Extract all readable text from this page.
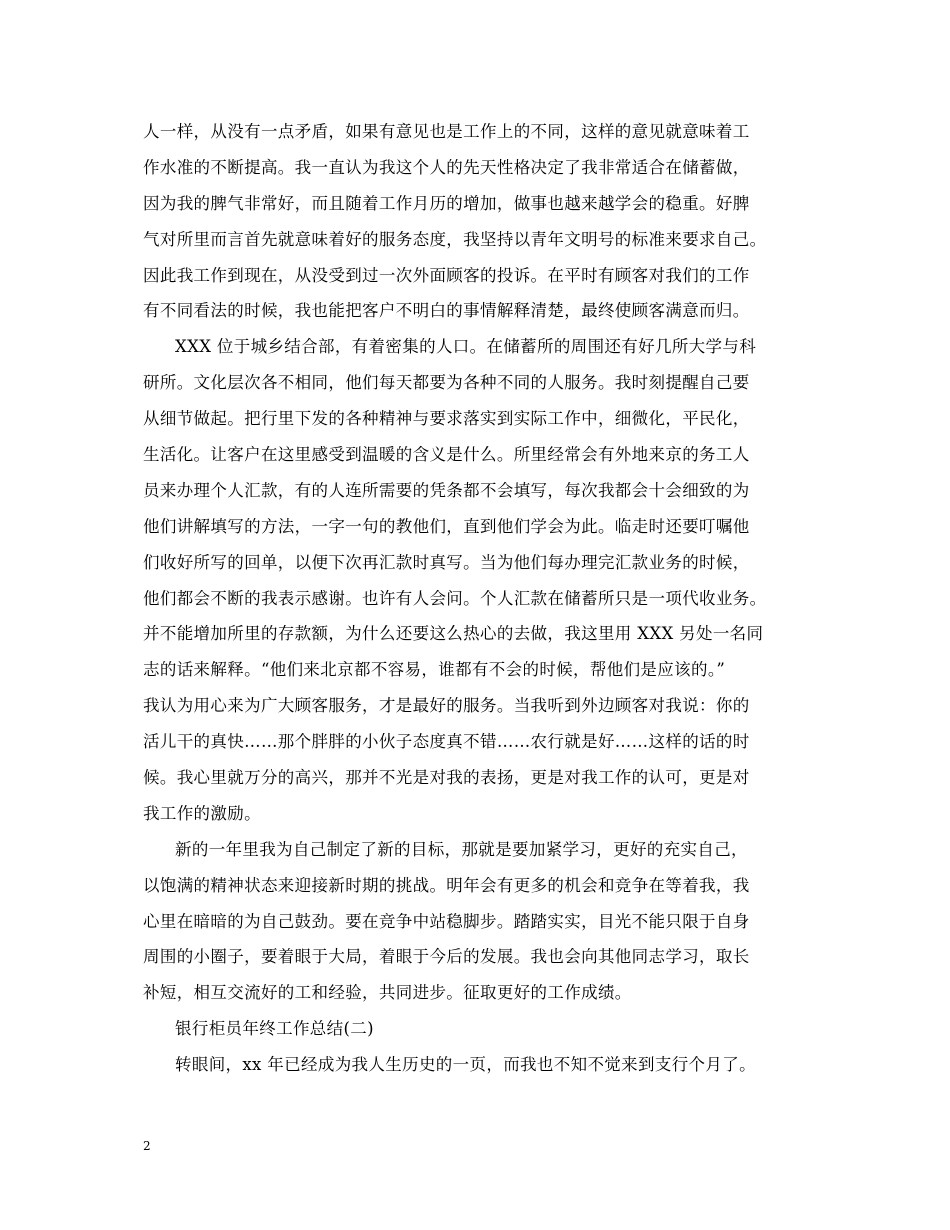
人一样，从没有一点矛盾，如果有意见也是工作上的不同，这样的意见就意味着工
作水准的不断提高。我一直认为我这个人的先天性格决定了我非常适合在储蓄做，
因为我的脾气非常好，而且随着工作月历的增加，做事也越来越学会的稳重。好脾
气对所里而言首先就意味着好的服务态度，我坚持以青年文明号的标准来要求自己。
因此我工作到现在，从没受到过一次外面顾客的投诉。在平时有顾客对我们的工作
有不同看法的时候，我也能把客户不明白的事情解释清楚，最终使顾客满意而归。
XXX 位于城乡结合部，有着密集的人口。在储蓄所的周围还有好几所大学与科
研所。文化层次各不相同，他们每天都要为各种不同的人服务。我时刻提醒自己要
从细节做起。把行里下发的各种精神与要求落实到实际工作中，细微化，平民化，
生活化。让客户在这里感受到温暖的含义是什么。所里经常会有外地来京的务工人
员来办理个人汇款，有的人连所需要的凭条都不会填写，每次我都会十会细致的为
他们讲解填写的方法，一字一句的教他们，直到他们学会为此。临走时还要叮嘱他
们收好所写的回单，以便下次再汇款时真写。当为他们每办理完汇款业务的时候，
他们都会不断的我表示感谢。也许有人会问。个人汇款在储蓄所只是一项代收业务。
并不能增加所里的存款额，为什么还要这么热心的去做，我这里用 XXX 另处一名同
志的话来解释。“他们来北京都不容易，谁都有不会的时候，帮他们是应该的。”
我认为用心来为广大顾客服务，才是最好的服务。当我听到外边顾客对我说：你的
活儿干的真快……那个胖胖的小伙子态度真不错……农行就是好……这样的话的时
候。我心里就万分的高兴，那并不光是对我的表扬，更是对我工作的认可，更是对
我工作的激励。
新的一年里我为自己制定了新的目标，那就是要加紧学习，更好的充实自己，
以饱满的精神状态来迎接新时期的挑战。明年会有更多的机会和竞争在等着我，我
心里在暗暗的为自己鼓劲。要在竞争中站稳脚步。踏踏实实，目光不能只限于自身
周围的小圈子，要着眼于大局，着眼于今后的发展。我也会向其他同志学习，取长
补短，相互交流好的工和经验，共同进步。征取更好的工作成绩。
银行柜员年终工作总结(二)
转眼间，xx 年已经成为我人生历史的一页，而我也不知不觉来到支行个月了。
2
